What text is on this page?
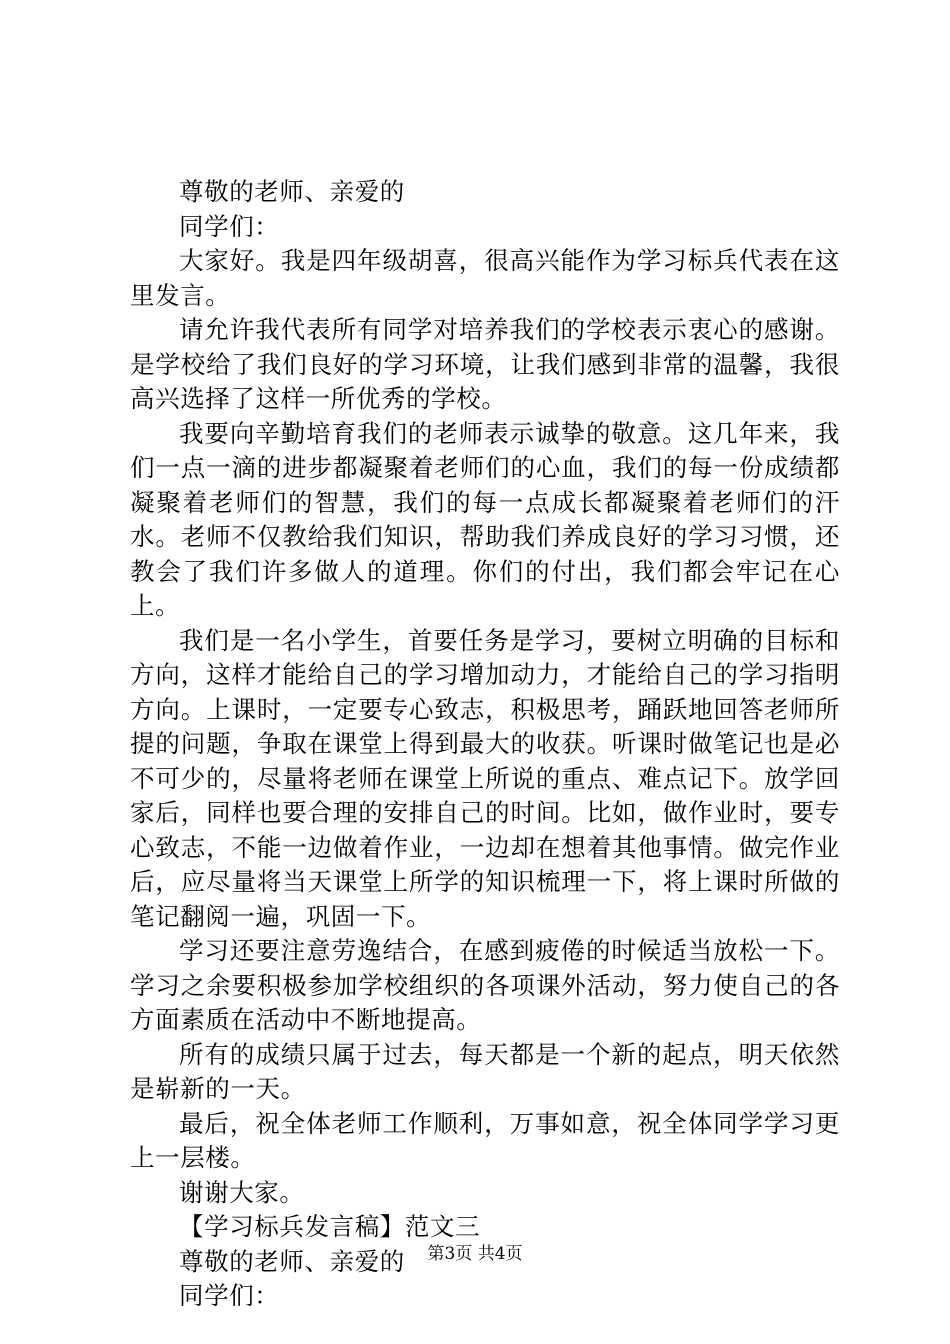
尊敬的老师、亲爱的

同学们：

大家好。我是四年级胡喜，很高兴能作为学习标兵代表在这里发言。

请允许我代表所有同学对培养我们的学校表示衷心的感谢。是学校给了我们良好的学习环境，让我们感到非常的温馨，我很高兴选择了这样一所优秀的学校。

我要向辛勤培育我们的老师表示诚挚的敬意。这几年来，我们一点一滴的进步都凝聚着老师们的心血，我们的每一份成绩都凝聚着老师们的智慧，我们的每一点成长都凝聚着老师们的汗水。老师不仅教给我们知识，帮助我们养成良好的学习习惯，还教会了我们许多做人的道理。你们的付出，我们都会牢记在心上。

我们是一名小学生，首要任务是学习，要树立明确的目标和方向，这样才能给自己的学习增加动力，才能给自己的学习指明方向。上课时，一定要专心致志，积极思考，踊跃地回答老师所提的问题，争取在课堂上得到最大的收获。听课时做笔记也是必不可少的，尽量将老师在课堂上所说的重点、难点记下。放学回家后，同样也要合理的安排自己的时间。比如，做作业时，要专心致志，不能一边做着作业，一边却在想着其他事情。做完作业后，应尽量将当天课堂上所学的知识梳理一下，将上课时所做的笔记翻阅一遍，巩固一下。

学习还要注意劳逸结合，在感到疲倦的时候适当放松一下。学习之余要积极参加学校组织的各项课外活动，努力使自己的各方面素质在活动中不断地提高。

所有的成绩只属于过去，每天都是一个新的起点，明天依然是崭新的一天。

最后，祝全体老师工作顺利，万事如意，祝全体同学学习更上一层楼。

谢谢大家。

【学习标兵发言稿】范文三

尊敬的老师、亲爱的

同学们：

第3页 共4页
